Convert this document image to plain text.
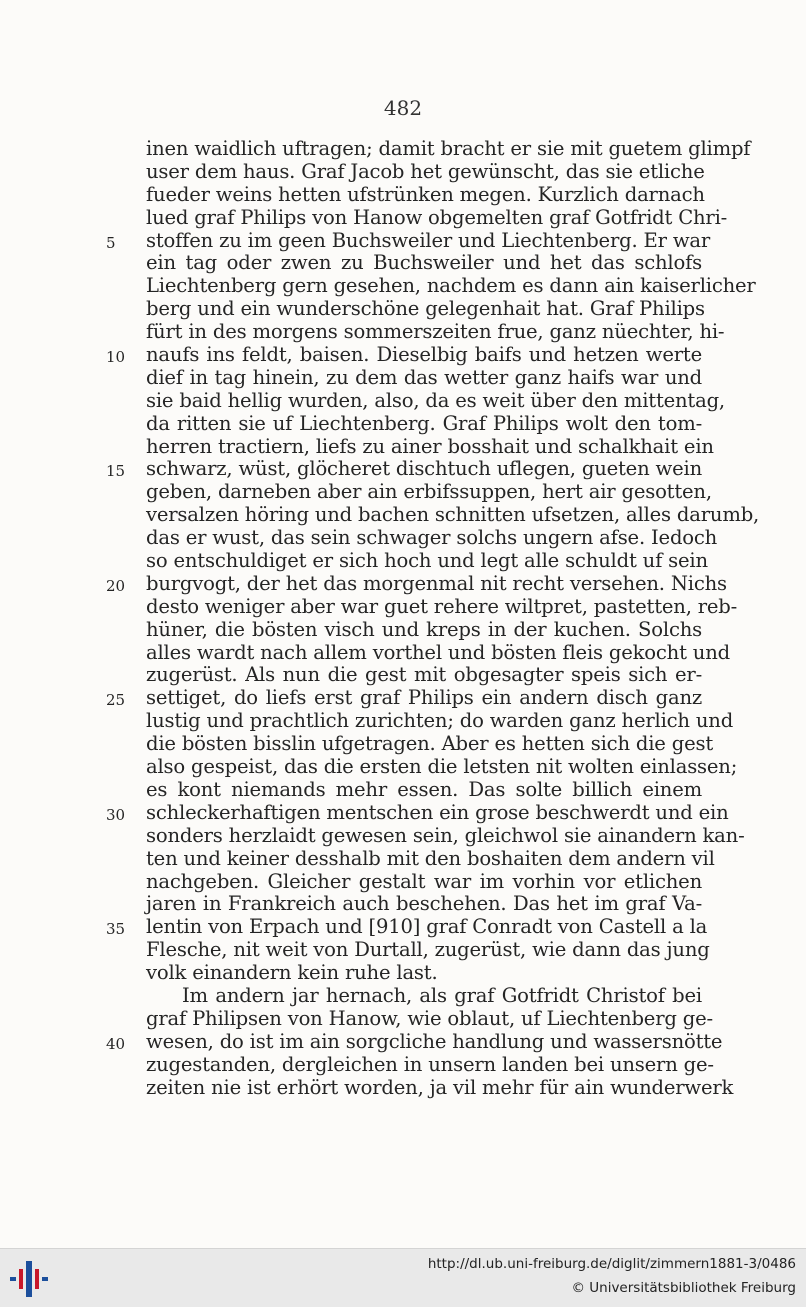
482
inen waidlich uftragen; damit bracht er sie mit guetem glimpf
user dem haus. Graf Jacob het gewünscht, das sie etliche
fueder weins hetten ufstrünken megen. Kurzlich darnach
lued graf Philips von Hanow obgemelten graf Gotfridt Chri-
5	stoffen zu im geen Buchsweiler und Liechtenberg. Er war
ein tag oder zwen zu Buchsweiler und het das schlofs
Liechtenberg gern gesehen, nachdem es dann ain kaiserlicher
berg und ein wunderschöne gelegenhait hat. Graf Philips
fürt in des morgens sommerszeiten frue, ganz nüechter, hi-
10	naufs ins feldt, baisen. Dieselbig baifs und hetzen werte
dief in tag hinein, zu dem das wetter ganz haifs war und
sie baid hellig wurden, also, da es weit über den mittentag,
da ritten sie uf Liechtenberg. Graf Philips wolt den tom-
herren tractiern, liefs zu ainer bosshait und schalkhait ein
15	schwarz, wüst, glöcheret dischtuch uflegen, gueten wein
geben, darneben aber ain erbifssuppen, hert air gesotten,
versalzen höring und bachen schnitten ufsetzen, alles darumb,
das er wust, das sein schwager solchs ungern afse. Iedoch
so entschuldiget er sich hoch und legt alle schuldt uf sein
20	burgvogt, der het das morgenmal nit recht versehen. Nichs
desto weniger aber war guet rehere wiltpret, pastetten, reb-
hüner, die bösten visch und kreps in der kuchen. Solchs
alles wardt nach allem vorthel und bösten fleis gekocht und
zugerüst. Als nun die gest mit obgesagter speis sich er-
25	settiget, do liefs erst graf Philips ein andern disch ganz
lustig und prachtlich zurichten; do warden ganz herlich und
die bösten bisslin ufgetragen. Aber es hetten sich die gest
also gespeist, das die ersten die letsten nit wolten einlassen;
es kont niemands mehr essen. Das solte billich einem
30	schleckerhaftigen mentschen ein grose beschwerdt und ein
sonders herzlaidt gewesen sein, gleichwol sie ainandern kan-
ten und keiner desshalb mit den boshaiten dem andern vil
nachgeben. Gleicher gestalt war im vorhin vor etlichen
jaren in Frankreich auch beschehen. Das het im graf Va-
35	lentin von Erpach und [910] graf Conradt von Castell a la
Flesche, nit weit von Durtall, zugerüst, wie dann das jung
volk einandern kein ruhe last.
Im andern jar hernach, als graf Gotfridt Christof bei
graf Philipsen von Hanow, wie oblaut, uf Liechtenberg ge-
40	wesen, do ist im ain sorgcliche handlung und wassersnötte
zugestanden, dergleichen in unsern landen bei unsern ge-
zeiten nie ist erhört worden, ja vil mehr für ain wunderwerk
http://dl.ub.uni-freiburg.de/diglit/zimmern1881-3/0486
© Universitätsbibliothek Freiburg
